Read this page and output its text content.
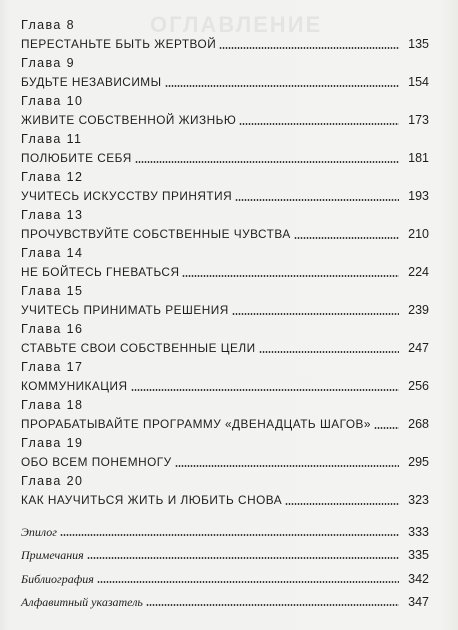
ОГЛАВЛЕНИЕ
Глава 8
ПЕРЕСТАНЬТЕ БЫТЬ ЖЕРТВОЙ	135
Глава 9
БУДЬТЕ НЕЗАВИСИМЫ	154
Глава 10
ЖИВИТЕ СОБСТВЕННОЙ ЖИЗНЬЮ	173
Глава 11
ПОЛЮБИТЕ СЕБЯ	181
Глава 12
УЧИТЕСЬ ИСКУССТВУ ПРИНЯТИЯ	193
Глава 13
ПРОЧУВСТВУЙТЕ СОБСТВЕННЫЕ ЧУВСТВА	210
Глава 14
НЕ БОЙТЕСЬ ГНЕВАТЬСЯ	224
Глава 15
УЧИТЕСЬ ПРИНИМАТЬ РЕШЕНИЯ	239
Глава 16
СТАВЬТЕ СВОИ СОБСТВЕННЫЕ ЦЕЛИ	247
Глава 17
КОММУНИКАЦИЯ	256
Глава 18
ПРОРАБАТЫВАЙТЕ ПРОГРАММУ «ДВЕНАДЦАТЬ ШАГОВ»	268
Глава 19
ОБО ВСЕМ ПОНЕМНОГУ	295
Глава 20
КАК НАУЧИТЬСЯ ЖИТЬ И ЛЮБИТЬ СНОВА	323
Эпилог	333
Примечания	335
Библиография	342
Алфавитный указатель	347
